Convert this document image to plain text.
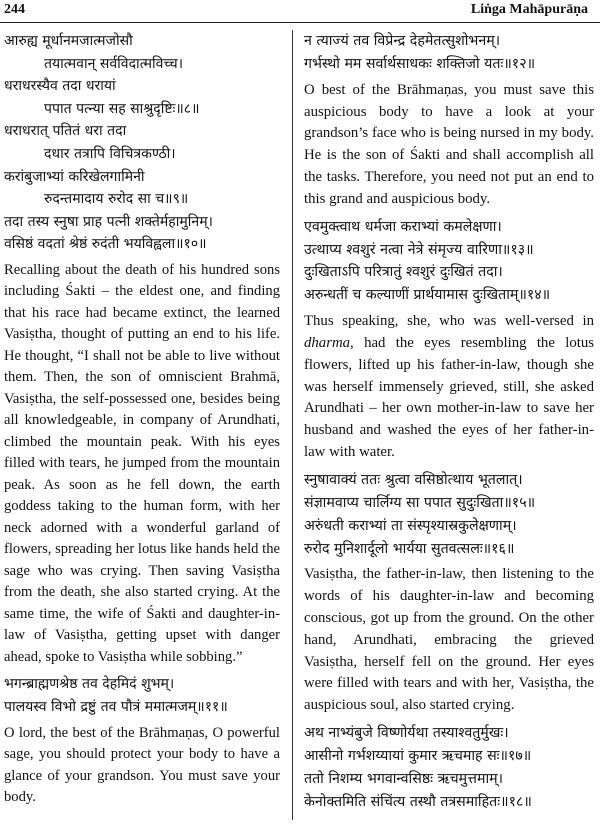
244	Liṅga Mahāpurāṇa
आरुह्य मूर्धानमजात्मजोसौ
तयात्मवान् सर्वविदात्मविच्च।
धराधरस्यैव तदा धरायां
पपात पत्न्या सह साश्रुदृष्टिः॥८॥
धराधरात् पतितं धरा तदा
दधार तत्रापि विचित्रकण्ठी।
करांबुजाभ्यां करिखेलगामिनी
रुदन्तमादाय रुरोद सा च॥९॥
तदा तस्य स्नुषा प्राह पत्नी शक्तेर्महामुनिम्।
वसिष्ठं वदतां श्रेष्ठं रुदंती भयविह्वला॥१०॥

Recalling about the death of his hundred sons including Śakti – the eldest one, and finding that his race had became extinct, the learned Vasiṣtha, thought of putting an end to his life. He thought, “I shall not be able to live without them. Then, the son of omniscient Brahmā, Vasiṣtha, the self-possessed one, besides being all knowledgeable, in company of Arundhati, climbed the mountain peak. With his eyes filled with tears, he jumped from the mountain peak. As soon as he fell down, the earth goddess taking to the human form, with her neck adorned with a wonderful garland of flowers, spreading her lotus like hands held the sage who was crying. Then saving Vasiṣtha from the death, she also started crying. At the same time, the wife of Śakti and daughter-in-law of Vasiṣtha, getting upset with danger ahead, spoke to Vasiṣtha while sobbing.”

भगन्ब्राह्मणश्रेष्ठ तव देहमिदं शुभम्।
पालयस्व विभो द्रष्टुं तव पौत्रं ममात्मजम्॥११॥

O lord, the best of the Brāhmaṇas, O powerful sage, you should protect your body to have a glance of your grandson. You must save your body.

न त्याज्यं तव विप्रेन्द्र देहमेतत्सुशोभनम्।
गर्भस्थो मम सर्वार्थसाधकः शक्तिजो यतः॥१२॥

O best of the Brāhmaṇas, you must save this auspicious body to have a look at your grandson’s face who is being nursed in my body. He is the son of Śakti and shall accomplish all the tasks. Therefore, you need not put an end to this grand and auspicious body.

एवमुक्त्वाथ धर्मजा कराभ्यां कमलेक्षणा।
उत्थाप्य श्वशुरं नत्वा नेत्रे संमृज्य वारिणा॥१३॥
दुःखिताऽपि परित्रातुं श्वशुरं दुःखितं तदा।
अरुन्धतीं च कल्याणीं प्रार्थयामास दुःखिताम्॥१४॥

Thus speaking, she, who was well-versed in dharma, had the eyes resembling the lotus flowers, lifted up his father-in-law, though she was herself immensely grieved, still, she asked Arundhati – her own mother-in-law to save her husband and washed the eyes of her father-in-law with water.

स्नुषावाक्यं ततः श्रुत्वा वसिष्ठोत्थाय भूतलात्।
संज्ञामवाप्य चार्लिग्य सा पपात सुदुःखिता॥१५॥
अरुंधती कराभ्यां ता संस्पृश्यास्रकुलेक्षणाम्।
रुरोद मुनिशार्दूलो भार्यया सुतवत्सलः॥१६॥

Vasiṣtha, the father-in-law, then listening to the words of his daughter-in-law and becoming conscious, got up from the ground. On the other hand, Arundhati, embracing the grieved Vasiṣtha, herself fell on the ground. Her eyes were filled with tears and with her, Vasiṣtha, the auspicious soul, also started crying.

अथ नाभ्यंबुजे विष्णोर्यथा तस्याश्वतुर्मुखः।
आसीनो गर्भशय्यायां कुमार ऋचमाह सः॥१७॥
ततो निशम्य भगवान्वसिष्ठः ऋचमुत्तमाम्।
केनोक्तमिति संचिंत्य तस्थौ तत्रसमाहितः॥१८॥
